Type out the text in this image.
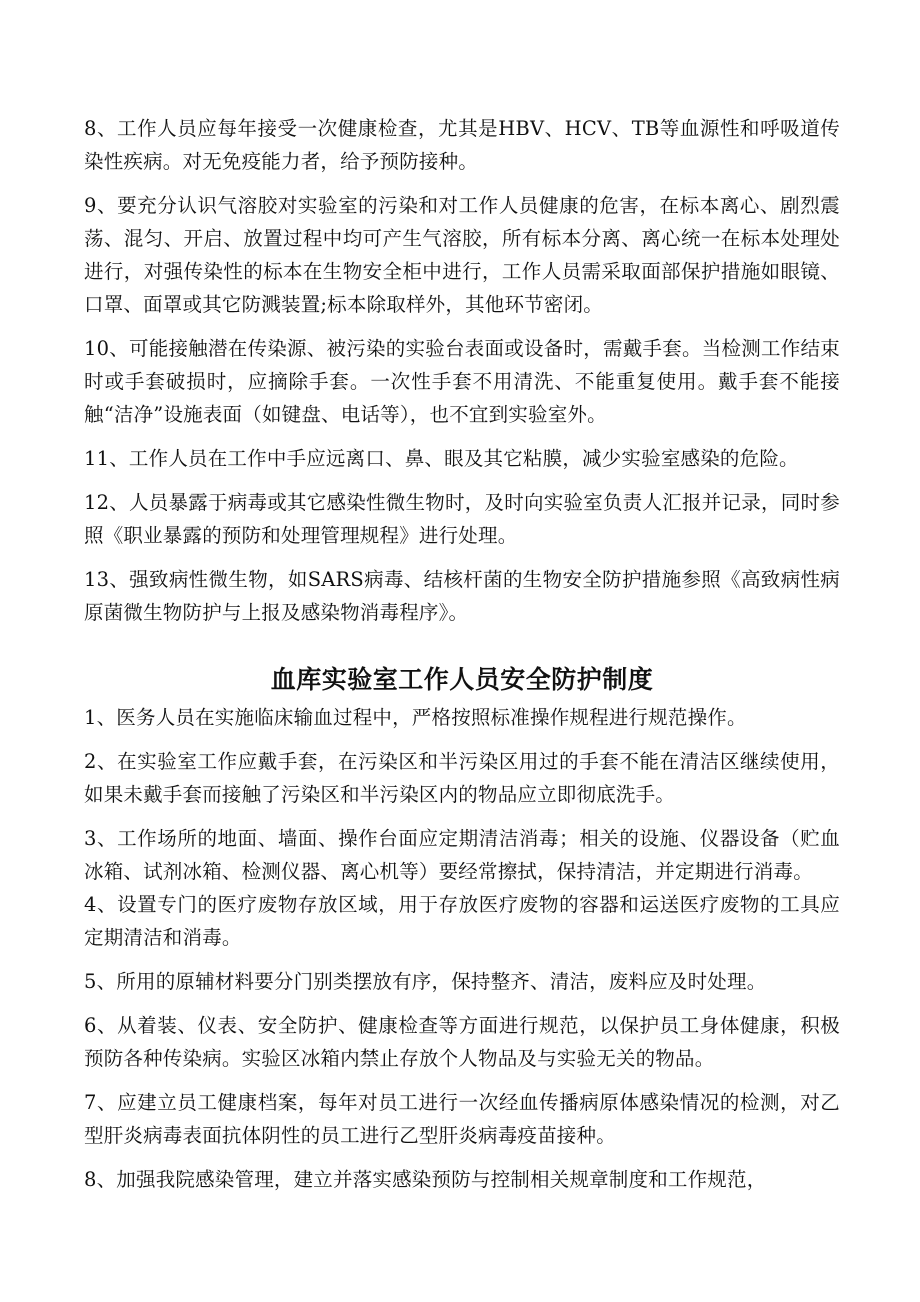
8、工作人员应每年接受一次健康检查，尤其是HBV、HCV、TB等血源性和呼吸道传染性疾病。对无免疫能力者，给予预防接种。

9、要充分认识气溶胶对实验室的污染和对工作人员健康的危害，在标本离心、剧烈震荡、混匀、开启、放置过程中均可产生气溶胶，所有标本分离、离心统一在标本处理处进行，对强传染性的标本在生物安全柜中进行，工作人员需采取面部保护措施如眼镜、口罩、面罩或其它防溅装置;标本除取样外，其他环节密闭。

10、可能接触潜在传染源、被污染的实验台表面或设备时，需戴手套。当检测工作结束时或手套破损时，应摘除手套。一次性手套不用清洗、不能重复使用。戴手套不能接触“洁净”设施表面（如键盘、电话等），也不宜到实验室外。

11、工作人员在工作中手应远离口、鼻、眼及其它粘膜，减少实验室感染的危险。

12、人员暴露于病毒或其它感染性微生物时，及时向实验室负责人汇报并记录，同时参照《职业暴露的预防和处理管理规程》进行处理。

13、强致病性微生物，如SARS病毒、结核杆菌的生物安全防护措施参照《高致病性病原菌微生物防护与上报及感染物消毒程序》。

血库实验室工作人员安全防护制度

1、医务人员在实施临床输血过程中，严格按照标准操作规程进行规范操作。

2、在实验室工作应戴手套，在污染区和半污染区用过的手套不能在清洁区继续使用，如果未戴手套而接触了污染区和半污染区内的物品应立即彻底洗手。

3、工作场所的地面、墙面、操作台面应定期清洁消毒；相关的设施、仪器设备（贮血冰箱、试剂冰箱、检测仪器、离心机等）要经常擦拭，保持清洁，并定期进行消毒。

4、设置专门的医疗废物存放区域，用于存放医疗废物的容器和运送医疗废物的工具应定期清洁和消毒。

5、所用的原辅材料要分门别类摆放有序，保持整齐、清洁，废料应及时处理。

6、从着装、仪表、安全防护、健康检查等方面进行规范，以保护员工身体健康，积极预防各种传染病。实验区冰箱内禁止存放个人物品及与实验无关的物品。

7、应建立员工健康档案，每年对员工进行一次经血传播病原体感染情况的检测，对乙型肝炎病毒表面抗体阴性的员工进行乙型肝炎病毒疫苗接种。

8、加强我院感染管理，建立并落实感染预防与控制相关规章制度和工作规范，
